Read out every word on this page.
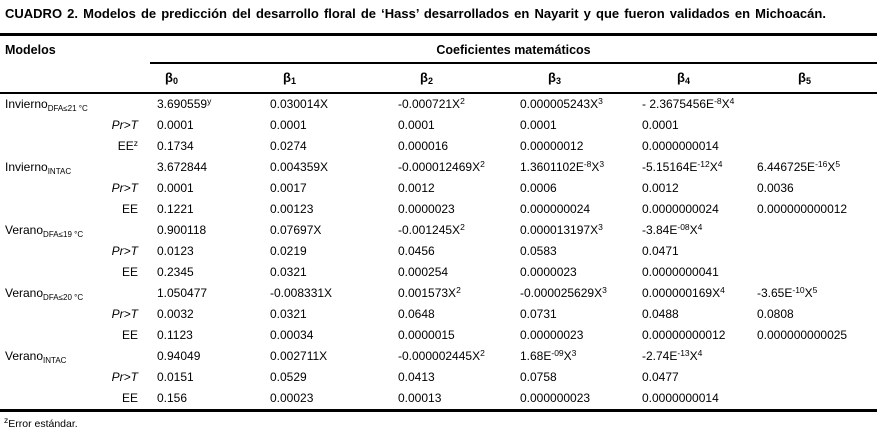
CUADRO 2. Modelos de predicción del desarrollo floral de ‘Hass’ desarrollados en Nayarit y que fueron validados en Michoacán.
Modelos	Coeficientes matemáticos					
	$\beta_0$	$\beta_1$	$\beta_2$	$\beta_3$	$\beta_4$	$\beta_5$
Invierno$_{DFA\le 21 ^\circ C}$	3.690559$^y$	0.030014X	$-0.000721X^2$	$0.000005243X^3$	- $2.3675456E^{-8}X^4$	
Pr>T	0.0001	0.0001	0.0001	0.0001	0.0001	
$EE^z$	0.1734	0.0274	0.000016	0.00000012	0.0000000014	
Invierno$_{INTAC}$	3.672844	0.004359X	$-0.000012469X^2$	$1.3601102E^{-8}X^3$	$-5.15164E^{-12}X^4$	$6.446725E^{-16}X^5$
Pr>T	0.0001	0.0017	0.0012	0.0006	0.0012	0.0036
EE	0.1221	0.00123	0.0000023	0.000000024	0.0000000024	0.000000000012
Verano$_{DFA\le 19 ^\circ C}$	0.900118	0.07697X	$-0.001245X^2$	$0.000013197X^3$	$-3.84E^{-08}X^4$	
Pr>T	0.0123	0.0219	0.0456	0.0583	0.0471	
EE	0.2345	0.0321	0.000254	0.0000023	0.0000000041	
Verano$_{DFA\le 20 ^\circ C}$	1.050477	-0.008331X	$0.001573X^2$	$-0.000025629X^3$	$0.000000169X^4$	$-3.65E^{-10}X^5$
Pr>T	0.0032	0.0321	0.0648	0.0731	0.0488	0.0808
EE	0.1123	0.00034	0.0000015	0.00000023	0.00000000012	0.000000000025
Verano$_{INTAC}$	0.94049	0.002711X	$-0.000002445X^2$	$1.68E^{-09}X^3$	$-2.74E^{-13}X^4$	
Pr>T	0.0151	0.0529	0.0413	0.0758	0.0477	
EE	0.156	0.00023	0.00013	0.000000023	0.0000000014	
$^z$Error estándar.
